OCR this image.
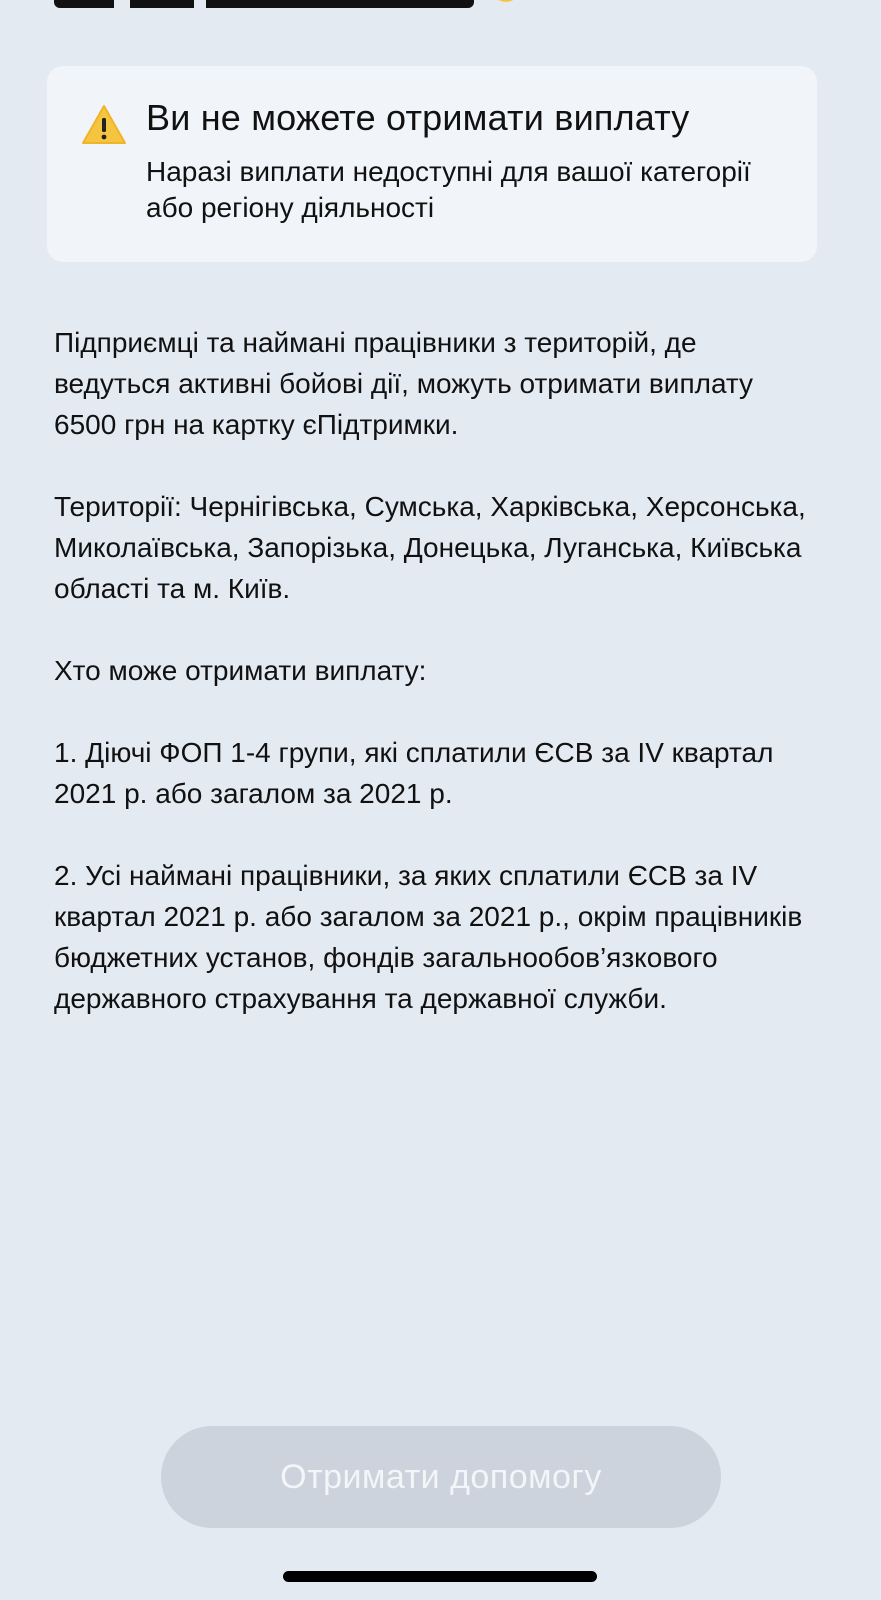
Ви не можете отримати виплату
Наразі виплати недоступні для вашої категорії або регіону діяльності

Підприємці та наймані працівники з територій, де ведуться активні бойові дії, можуть отримати виплату 6500 грн на картку єПідтримки.

Території: Чернігівська, Сумська, Харківська, Херсонська, Миколаївська, Запорізька, Донецька, Луганська, Київська області та м. Київ.

Хто може отримати виплату:

1. Діючі ФОП 1-4 групи, які сплатили ЄСВ за IV квартал 2021 р. або загалом за 2021 р.

2. Усі наймані працівники, за яких сплатили ЄСВ за IV квартал 2021 р. або загалом за 2021 р., окрім працівників бюджетних установ, фондів загальнообов’язкового державного страхування та державної служби.

Отримати допомогу
